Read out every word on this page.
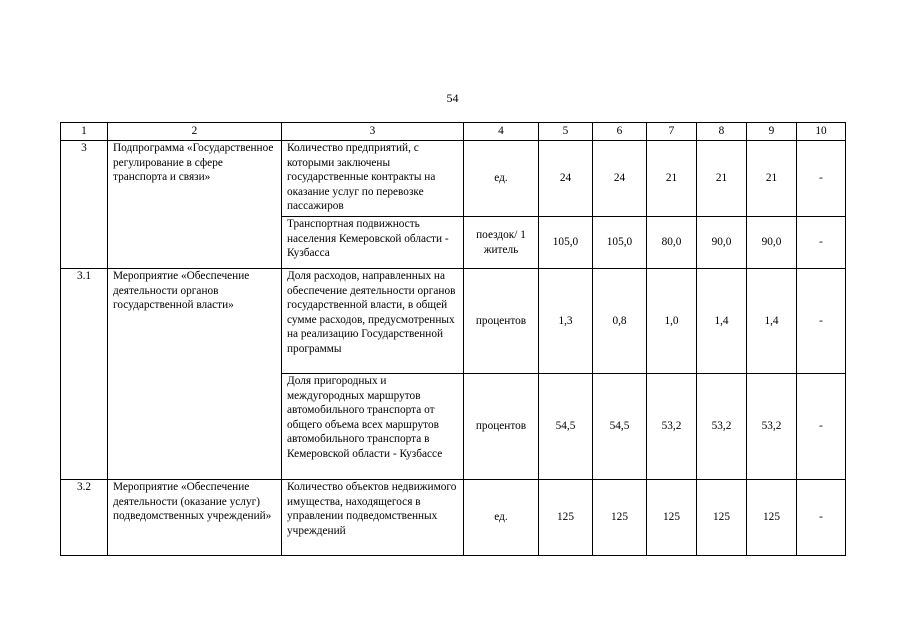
54
1	2	3	4	5	6	7	8	9	10
3	Подпрограмма «Государственное регулирование в сфере транспорта и связи»	Количество предприятий, с которыми заключены государственные контракты на оказание услуг по перевозке пассажиров	ед.	24	24	21	21	21	-
		Транспортная подвижность населения Кемеровской области - Кузбасса	поездок/ 1 житель	105,0	105,0	80,0	90,0	90,0	-
3.1	Мероприятие «Обеспечение деятельности органов государственной власти»	Доля расходов, направленных на обеспечение деятельности органов государственной власти, в общей сумме расходов, предусмотренных на реализацию Государственной программы	процентов	1,3	0,8	1,0	1,4	1,4	-
		Доля пригородных и междугородных маршрутов автомобильного транспорта от общего объема всех маршрутов автомобильного транспорта в Кемеровской области - Кузбассе	процентов	54,5	54,5	53,2	53,2	53,2	-
3.2	Мероприятие «Обеспечение деятельности (оказание услуг) подведомственных учреждений»	Количество объектов недвижимого имущества, находящегося в управлении подведомственных учреждений	ед.	125	125	125	125	125	-
